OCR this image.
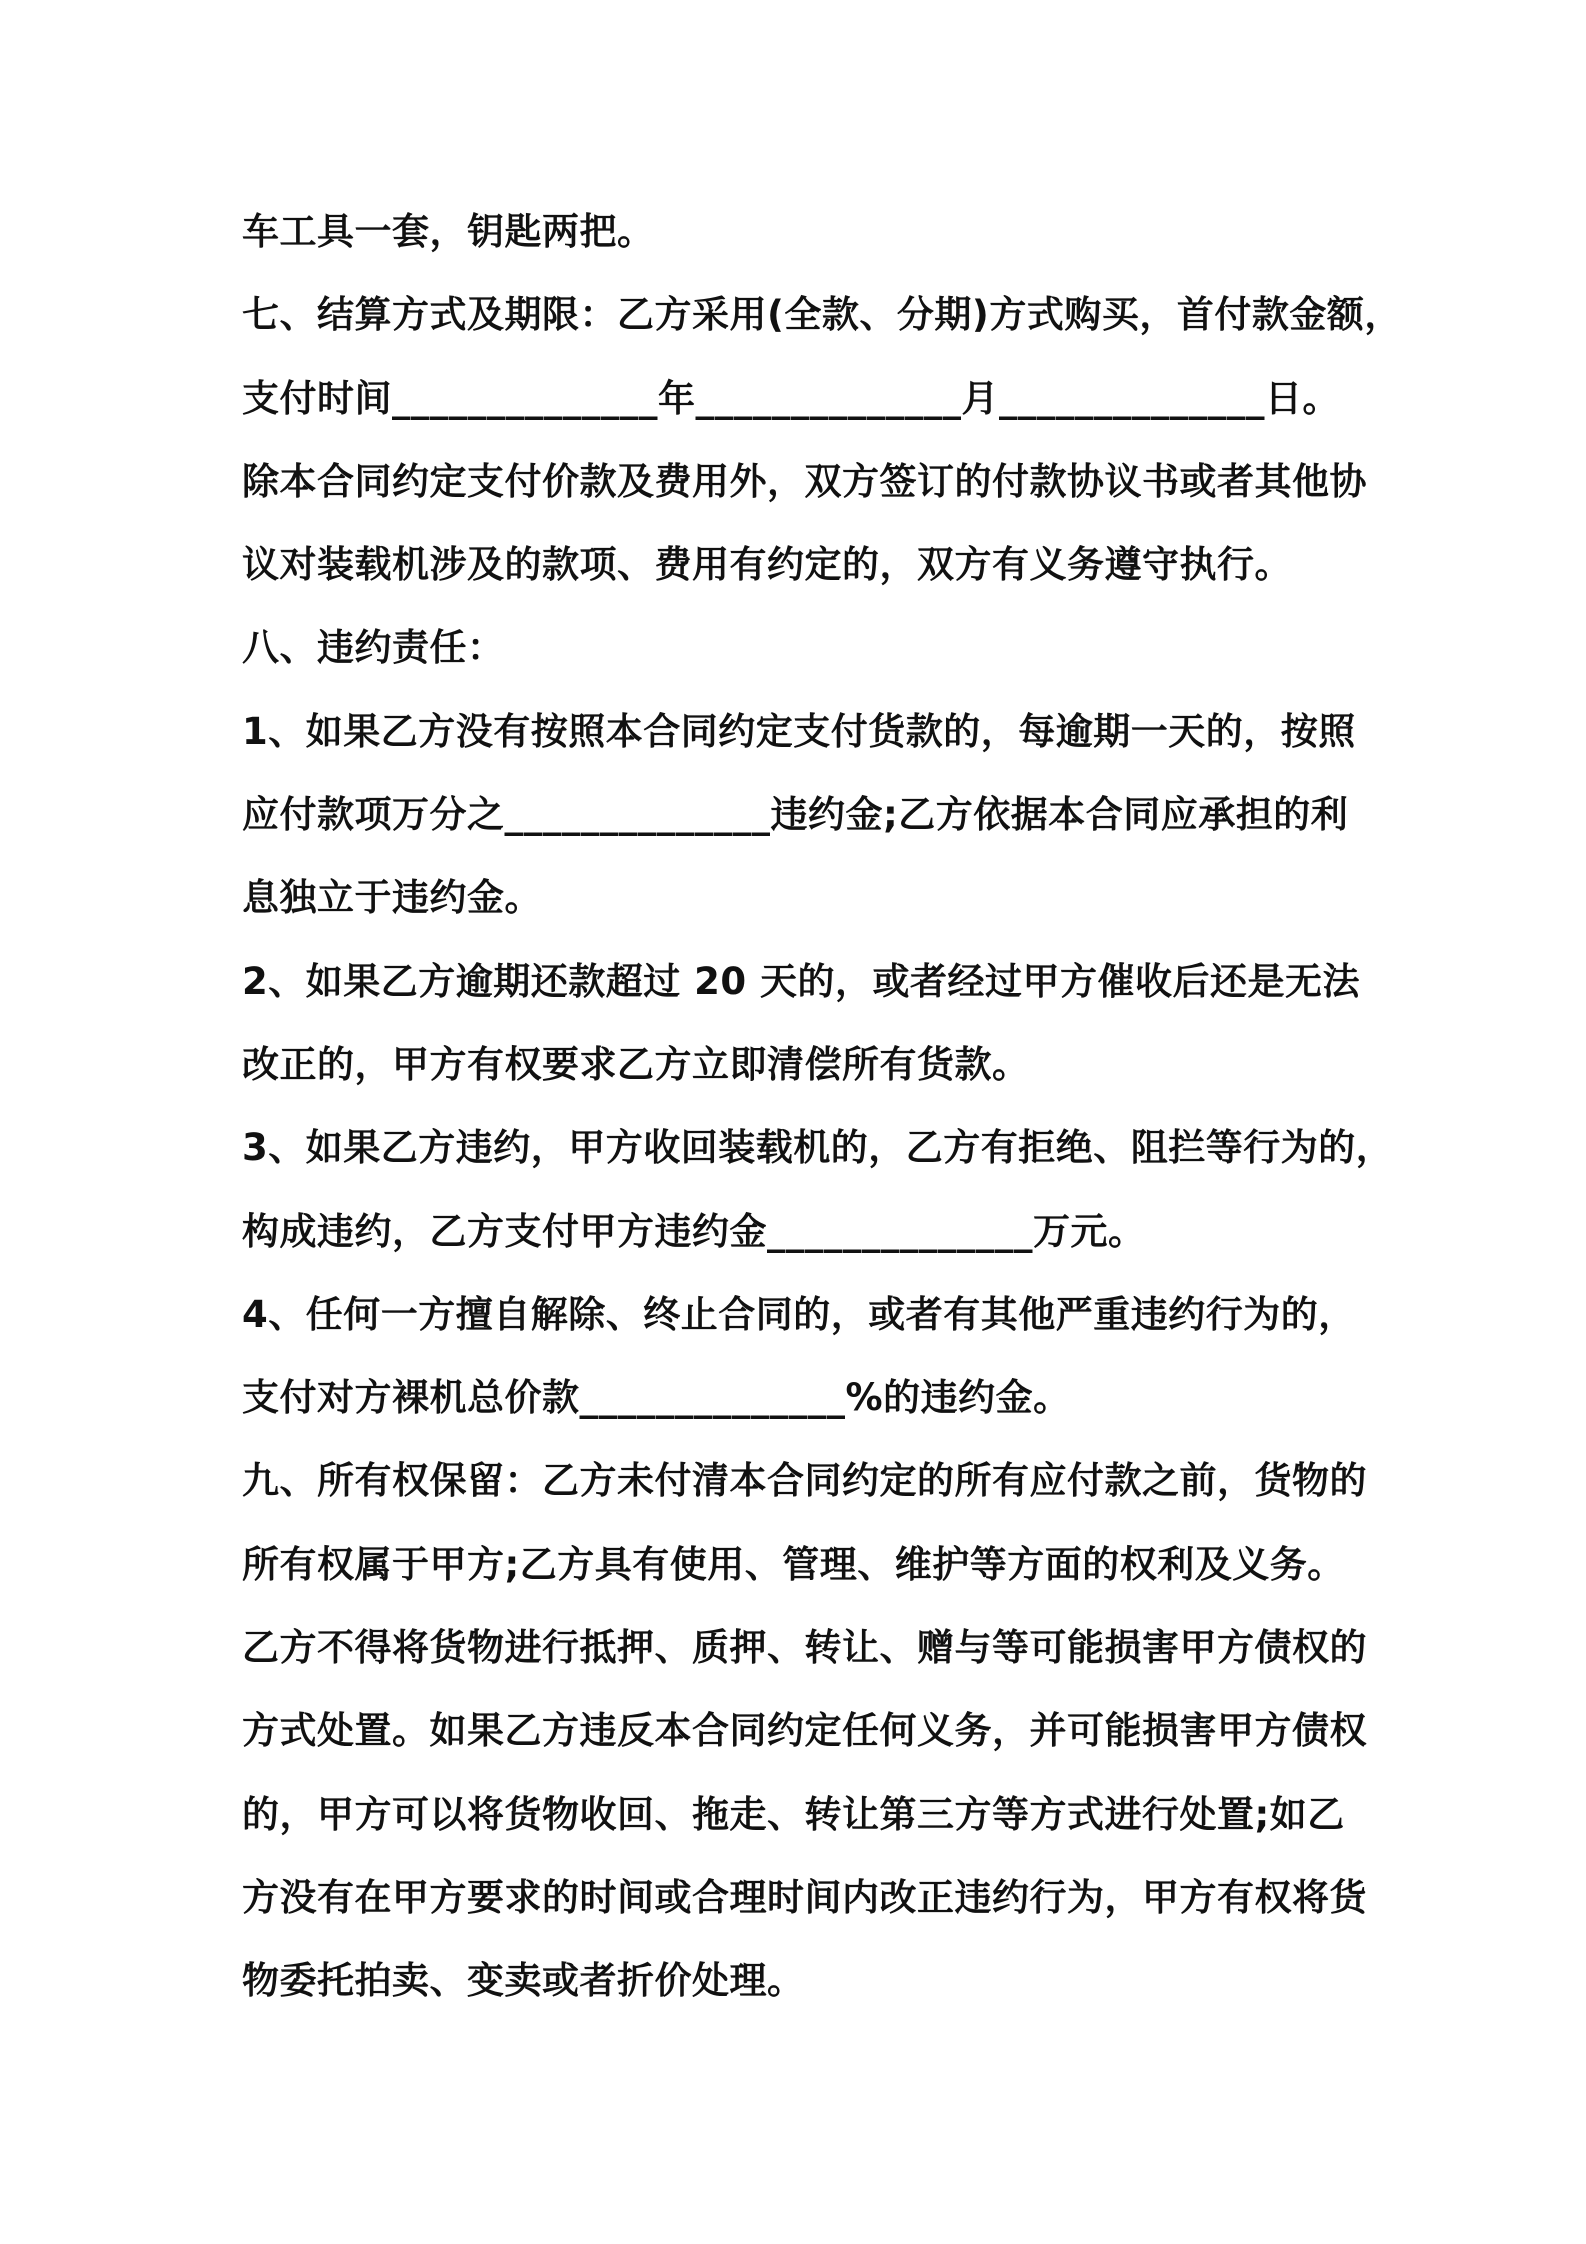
车工具一套，钥匙两把。
七、结算方式及期限：乙方采用(全款、分期)方式购买，首付款金额，
支付时间______________年______________月______________日。
除本合同约定支付价款及费用外，双方签订的付款协议书或者其他协
议对装载机涉及的款项、费用有约定的，双方有义务遵守执行。
八、违约责任：
1、如果乙方没有按照本合同约定支付货款的，每逾期一天的，按照
应付款项万分之______________违约金;乙方依据本合同应承担的利
息独立于违约金。
2、如果乙方逾期还款超过 20 天的，或者经过甲方催收后还是无法
改正的，甲方有权要求乙方立即清偿所有货款。
3、如果乙方违约，甲方收回装载机的，乙方有拒绝、阻拦等行为的，
构成违约，乙方支付甲方违约金______________万元。
4、任何一方擅自解除、终止合同的，或者有其他严重违约行为的，
支付对方裸机总价款______________%的违约金。
九、所有权保留：乙方未付清本合同约定的所有应付款之前，货物的
所有权属于甲方;乙方具有使用、管理、维护等方面的权利及义务。
乙方不得将货物进行抵押、质押、转让、赠与等可能损害甲方债权的
方式处置。如果乙方违反本合同约定任何义务，并可能损害甲方债权
的，甲方可以将货物收回、拖走、转让第三方等方式进行处置;如乙
方没有在甲方要求的时间或合理时间内改正违约行为，甲方有权将货
物委托拍卖、变卖或者折价处理。
